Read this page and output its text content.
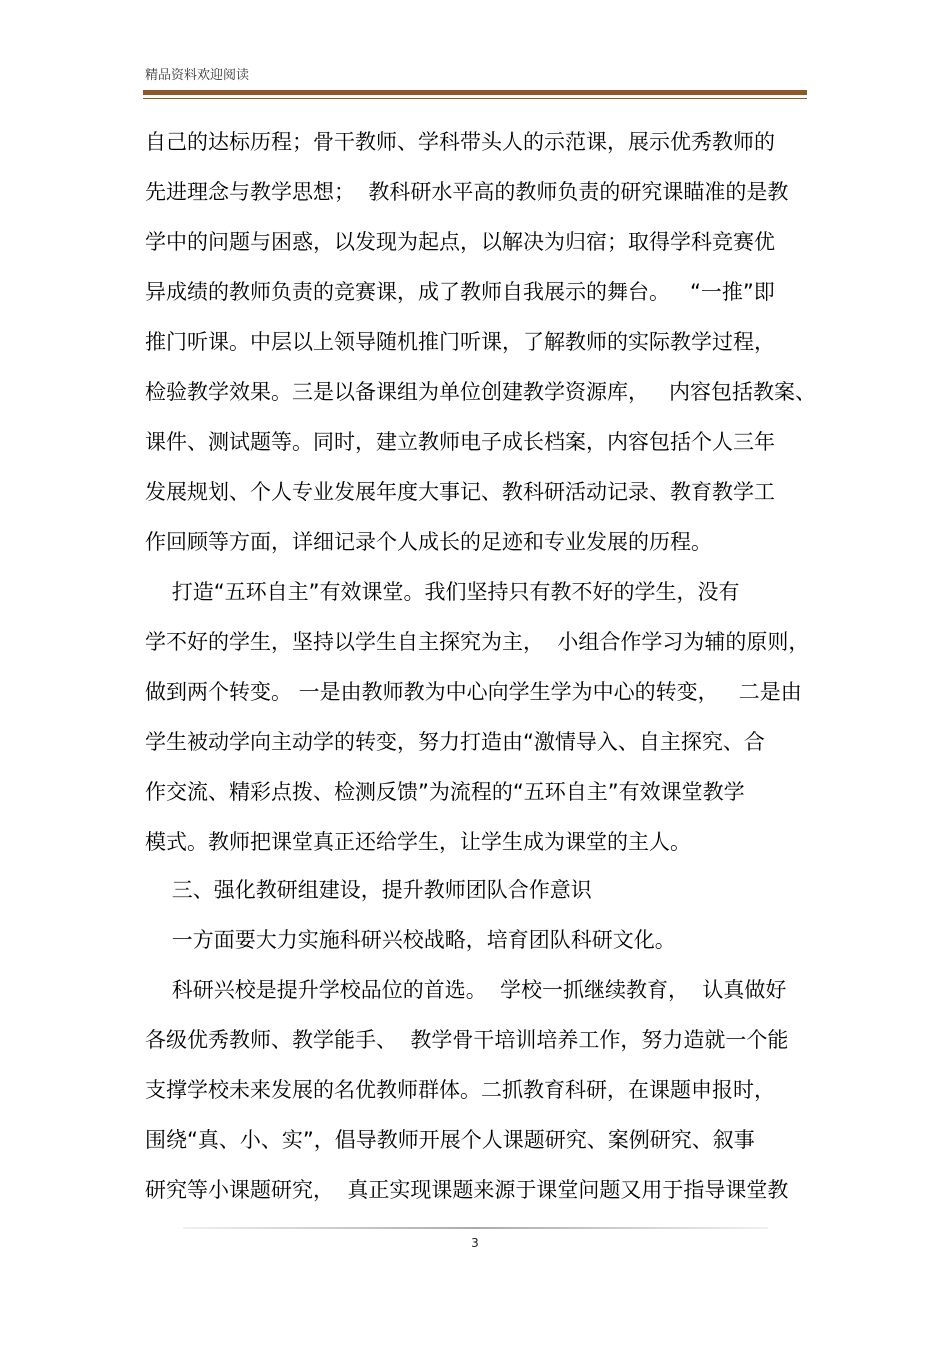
精品资料欢迎阅读
自己的达标历程；骨干教师、学科带头人的示范课，展示优秀教师的
先进理念与教学思想；  教科研水平高的教师负责的研究课瞄准的是教
学中的问题与困惑，以发现为起点，以解决为归宿；取得学科竞赛优
异成绩的教师负责的竞赛课，成了教师自我展示的舞台。   “一推”即
推门听课。中层以上领导随机推门听课，了解教师的实际教学过程，
检验教学效果。三是以备课组为单位创建教学资源库，   内容包括教案、
课件、测试题等。同时，建立教师电子成长档案，内容包括个人三年
发展规划、个人专业发展年度大事记、教科研活动记录、教育教学工
作回顾等方面，详细记录个人成长的足迹和专业发展的历程。
打造“五环自主”有效课堂。我们坚持只有教不好的学生，没有
学不好的学生，坚持以学生自主探究为主，  小组合作学习为辅的原则，
做到两个转变。 一是由教师教为中心向学生学为中心的转变，   二是由
学生被动学向主动学的转变，努力打造由“激情导入、自主探究、合
作交流、精彩点拨、检测反馈”为流程的“五环自主”有效课堂教学
模式。教师把课堂真正还给学生，让学生成为课堂的主人。
三、强化教研组建设，提升教师团队合作意识
一方面要大力实施科研兴校战略，培育团队科研文化。
科研兴校是提升学校品位的首选。  学校一抓继续教育，  认真做好
各级优秀教师、教学能手、  教学骨干培训培养工作，努力造就一个能
支撑学校未来发展的名优教师群体。二抓教育科研，在课题申报时，
围绕“真、小、实”，倡导教师开展个人课题研究、案例研究、叙事
研究等小课题研究，  真正实现课题来源于课堂问题又用于指导课堂教
3
